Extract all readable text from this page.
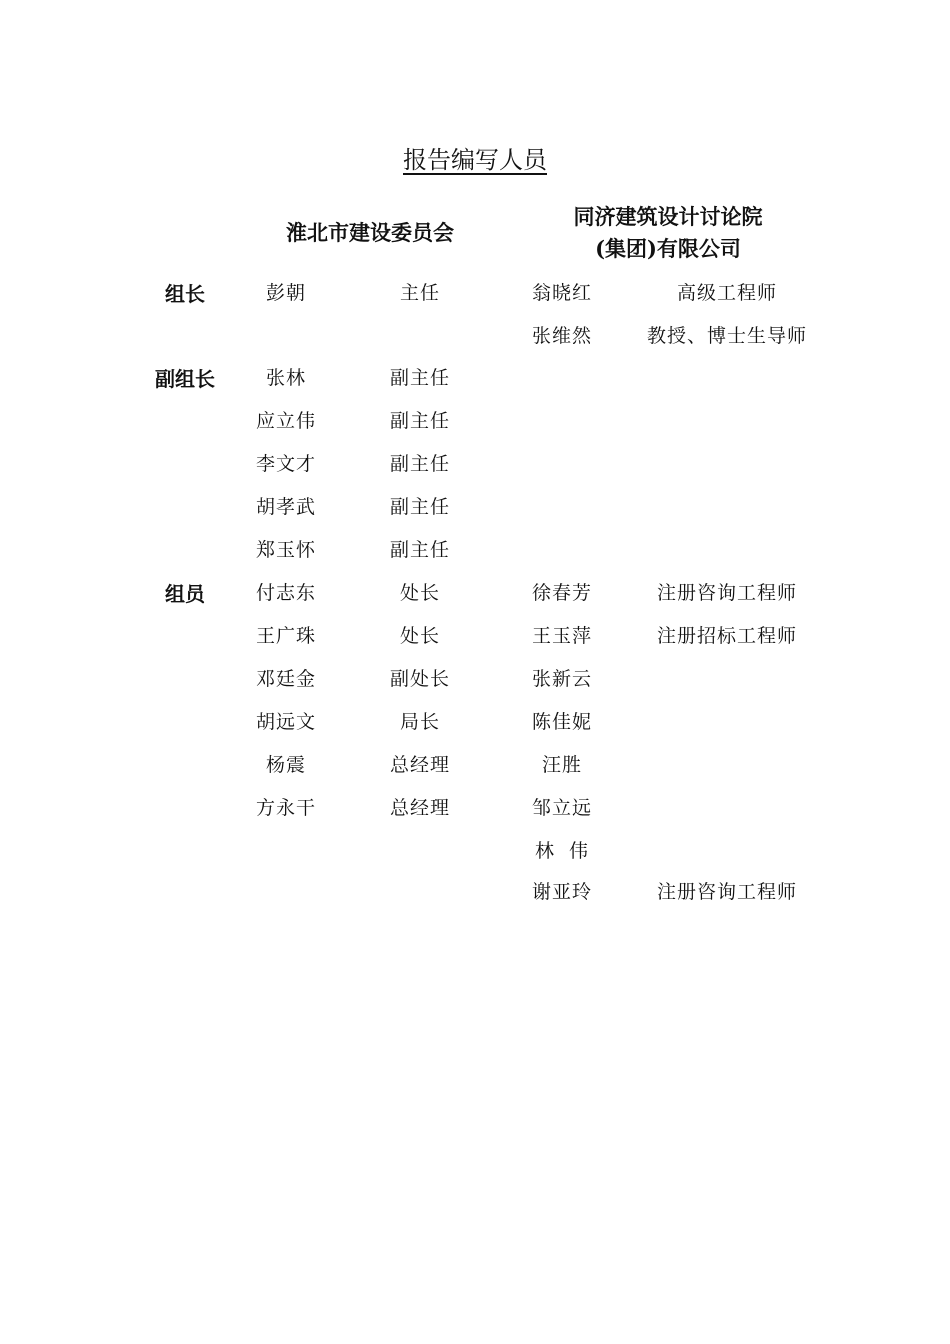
报告编写人员
淮北市建设委员会
同济建筑设计讨论院
(集团)有限公司
组长
副组长
组员
彭朝
张林
应立伟
李文才
胡孝武
郑玉怀
付志东
王广珠
邓廷金
胡远文
杨震
方永干
主任
副主任
副主任
副主任
副主任
副主任
处长
处长
副处长
局长
总经理
总经理
翁晓红
张维然
徐春芳
王玉萍
张新云
陈佳妮
汪胜
邹立远
林  伟
谢亚玲
高级工程师
教授、博士生导师
注册咨询工程师
注册招标工程师
注册咨询工程师
